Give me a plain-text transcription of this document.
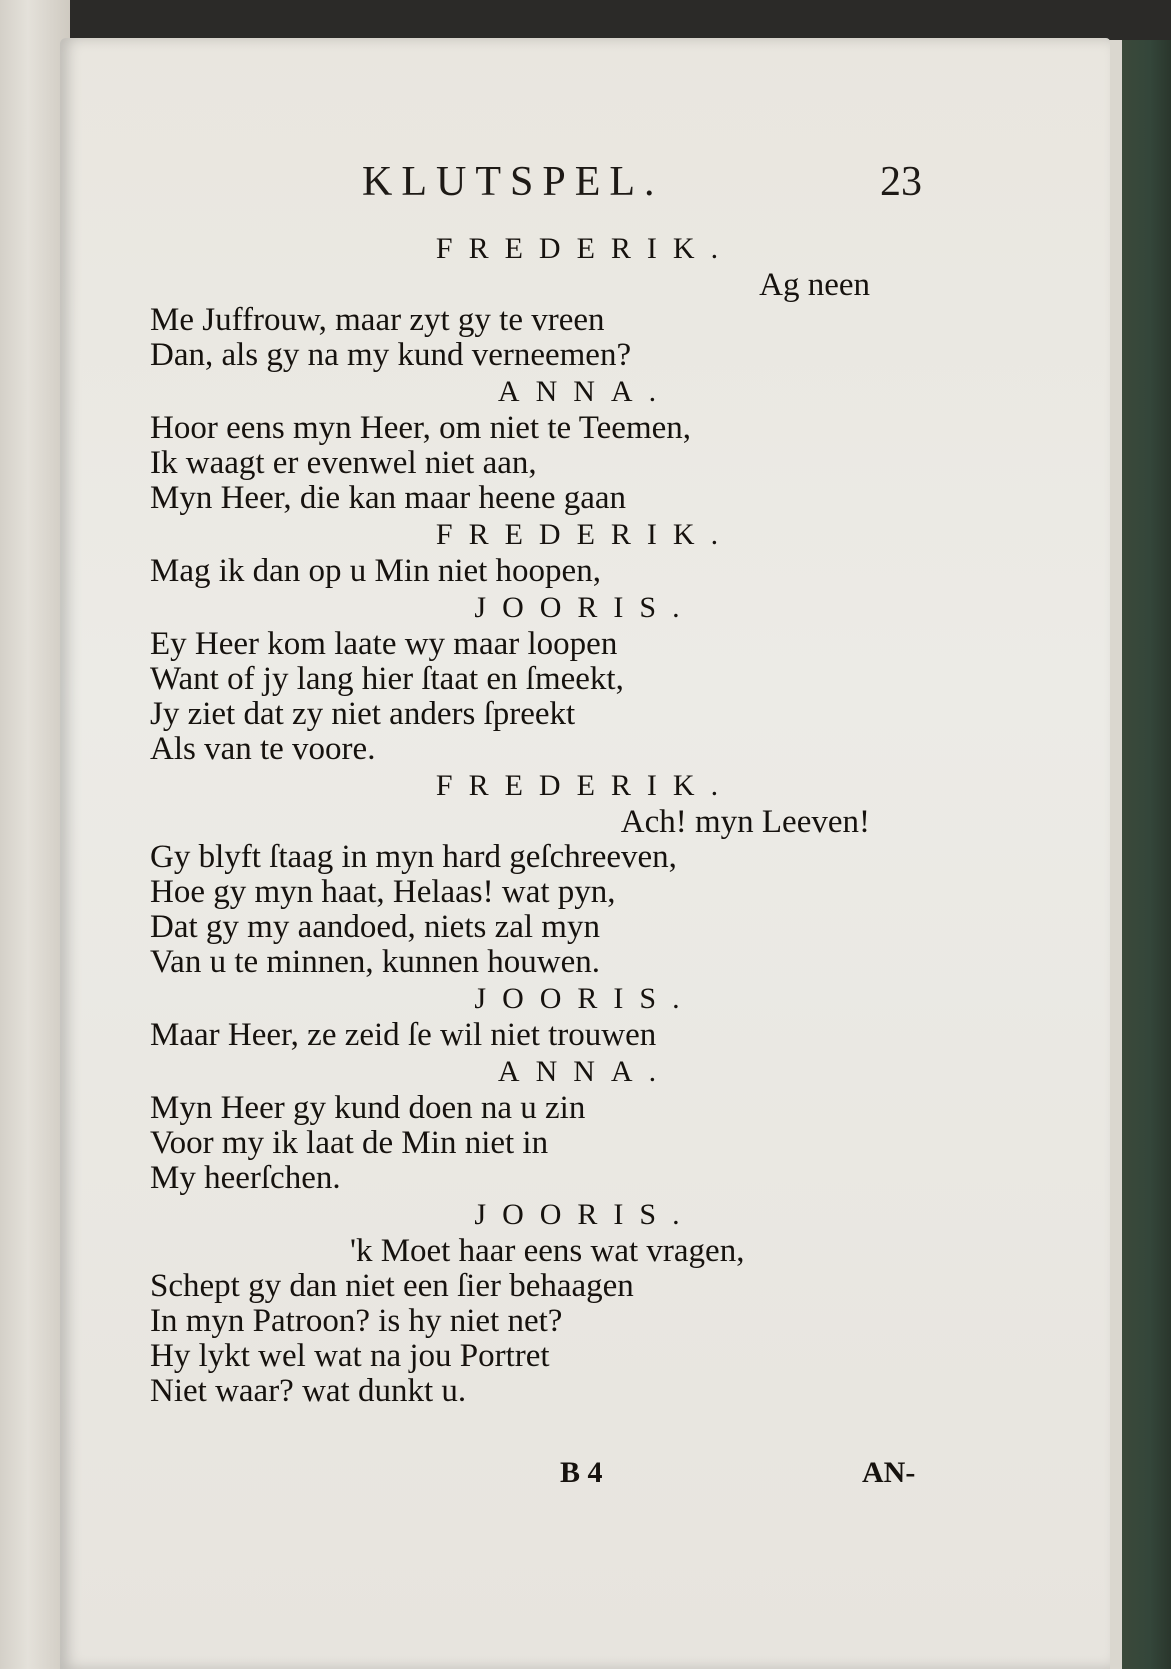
KLUTSPEL.	23
FREDERIK.
Ag neen
Me Juffrouw, maar zyt gy te vreen
Dan, als gy na my kund verneemen?
ANNA.
Hoor eens myn Heer, om niet te Teemen,
Ik waagt er evenwel niet aan,
Myn Heer, die kan maar heene gaan
FREDERIK.
Mag ik dan op u Min niet hoopen,
JOORIS.
Ey Heer kom laate wy maar loopen
Want of jy lang hier ſtaat en ſmeekt,
Jy ziet dat zy niet anders ſpreekt
Als van te voore.
FREDERIK.
Ach! myn Leeven!
Gy blyft ſtaag in myn hard geſchreeven,
Hoe gy myn haat, Helaas! wat pyn,
Dat gy my aandoed, niets zal myn
Van u te minnen, kunnen houwen.
JOORIS.
Maar Heer, ze zeid ſe wil niet trouwen
ANNA.
Myn Heer gy kund doen na u zin
Voor my ik laat de Min niet in
My heerſchen.
JOORIS.
'k Moet haar eens wat vragen,
Schept gy dan niet een ſier behaagen
In myn Patroon? is hy niet net?
Hy lykt wel wat na jou Portret
Niet waar? wat dunkt u.
B 4	AN-
